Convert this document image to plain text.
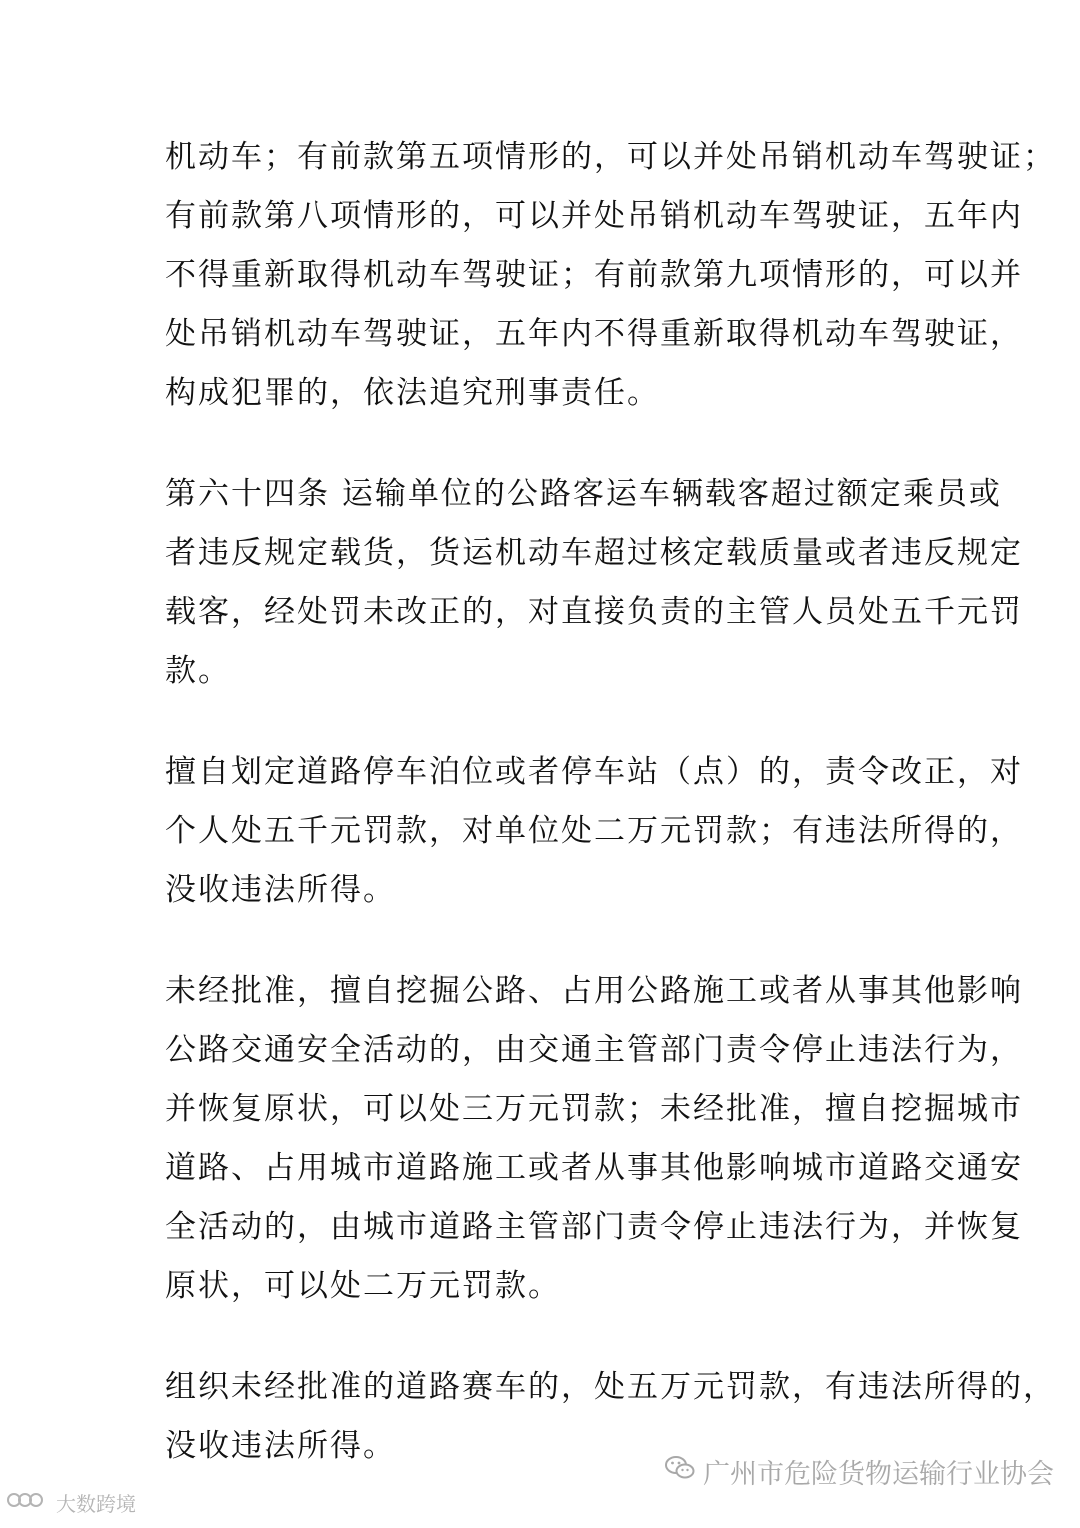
机动车；有前款第五项情形的，可以并处吊销机动车驾驶证；
有前款第八项情形的，可以并处吊销机动车驾驶证，五年内
不得重新取得机动车驾驶证；有前款第九项情形的，可以并
处吊销机动车驾驶证，五年内不得重新取得机动车驾驶证，
构成犯罪的，依法追究刑事责任。

第六十四条 运输单位的公路客运车辆载客超过额定乘员或
者违反规定载货，货运机动车超过核定载质量或者违反规定
载客，经处罚未改正的，对直接负责的主管人员处五千元罚
款。

擅自划定道路停车泊位或者停车站（点）的，责令改正，对
个人处五千元罚款，对单位处二万元罚款；有违法所得的，
没收违法所得。

未经批准，擅自挖掘公路、占用公路施工或者从事其他影响
公路交通安全活动的，由交通主管部门责令停止违法行为，
并恢复原状，可以处三万元罚款；未经批准，擅自挖掘城市
道路、占用城市道路施工或者从事其他影响城市道路交通安
全活动的，由城市道路主管部门责令停止违法行为，并恢复
原状，可以处二万元罚款。

组织未经批准的道路赛车的，处五万元罚款，有违法所得的，
没收违法所得。

广州市危险货物运输行业协会
大数跨境
